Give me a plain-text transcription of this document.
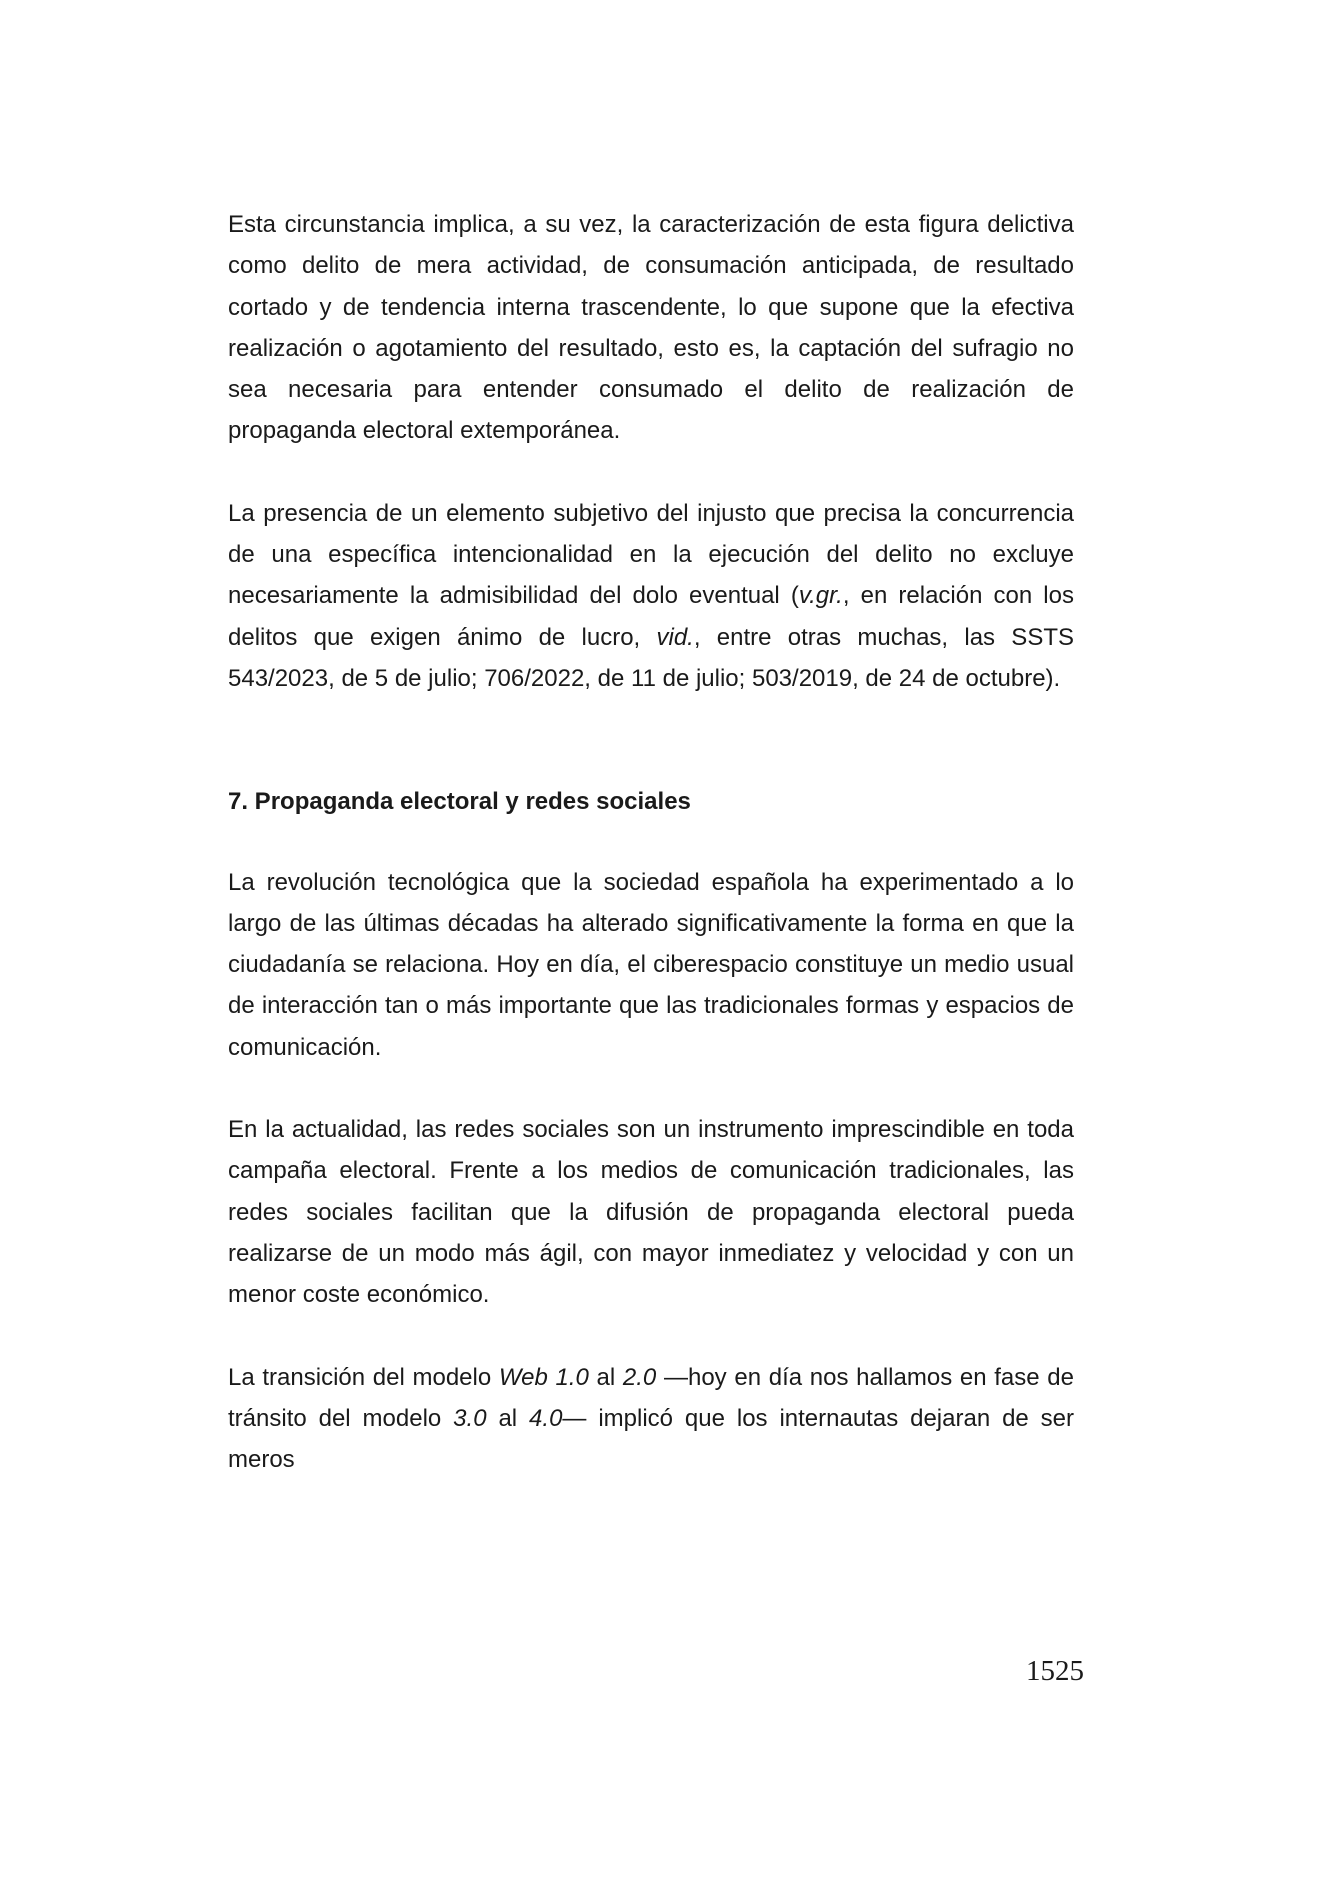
Esta circunstancia implica, a su vez, la caracterización de esta figura delictiva como delito de mera actividad, de consumación anticipada, de resultado cortado y de tendencia interna trascendente, lo que supone que la efectiva realización o agotamiento del resultado, esto es, la captación del sufragio no sea necesaria para entender consumado el delito de realización de propaganda electoral extemporánea.

La presencia de un elemento subjetivo del injusto que precisa la concurrencia de una específica intencionalidad en la ejecución del delito no excluye necesariamente la admisibilidad del dolo eventual (v.gr., en relación con los delitos que exigen ánimo de lucro, vid., entre otras muchas, las SSTS 543/2023, de 5 de julio; 706/2022, de 11 de julio; 503/2019, de 24 de octubre).

7. Propaganda electoral y redes sociales

La revolución tecnológica que la sociedad española ha experimentado a lo largo de las últimas décadas ha alterado significativamente la forma en que la ciudadanía se relaciona. Hoy en día, el ciberespacio constituye un medio usual de interacción tan o más importante que las tradicionales formas y espacios de comunicación.

En la actualidad, las redes sociales son un instrumento imprescindible en toda campaña electoral. Frente a los medios de comunicación tradicionales, las redes sociales facilitan que la difusión de propaganda electoral pueda realizarse de un modo más ágil, con mayor inmediatez y velocidad y con un menor coste económico.

La transición del modelo Web 1.0 al 2.0 —hoy en día nos hallamos en fase de tránsito del modelo 3.0 al 4.0— implicó que los internautas dejaran de ser meros

1525
